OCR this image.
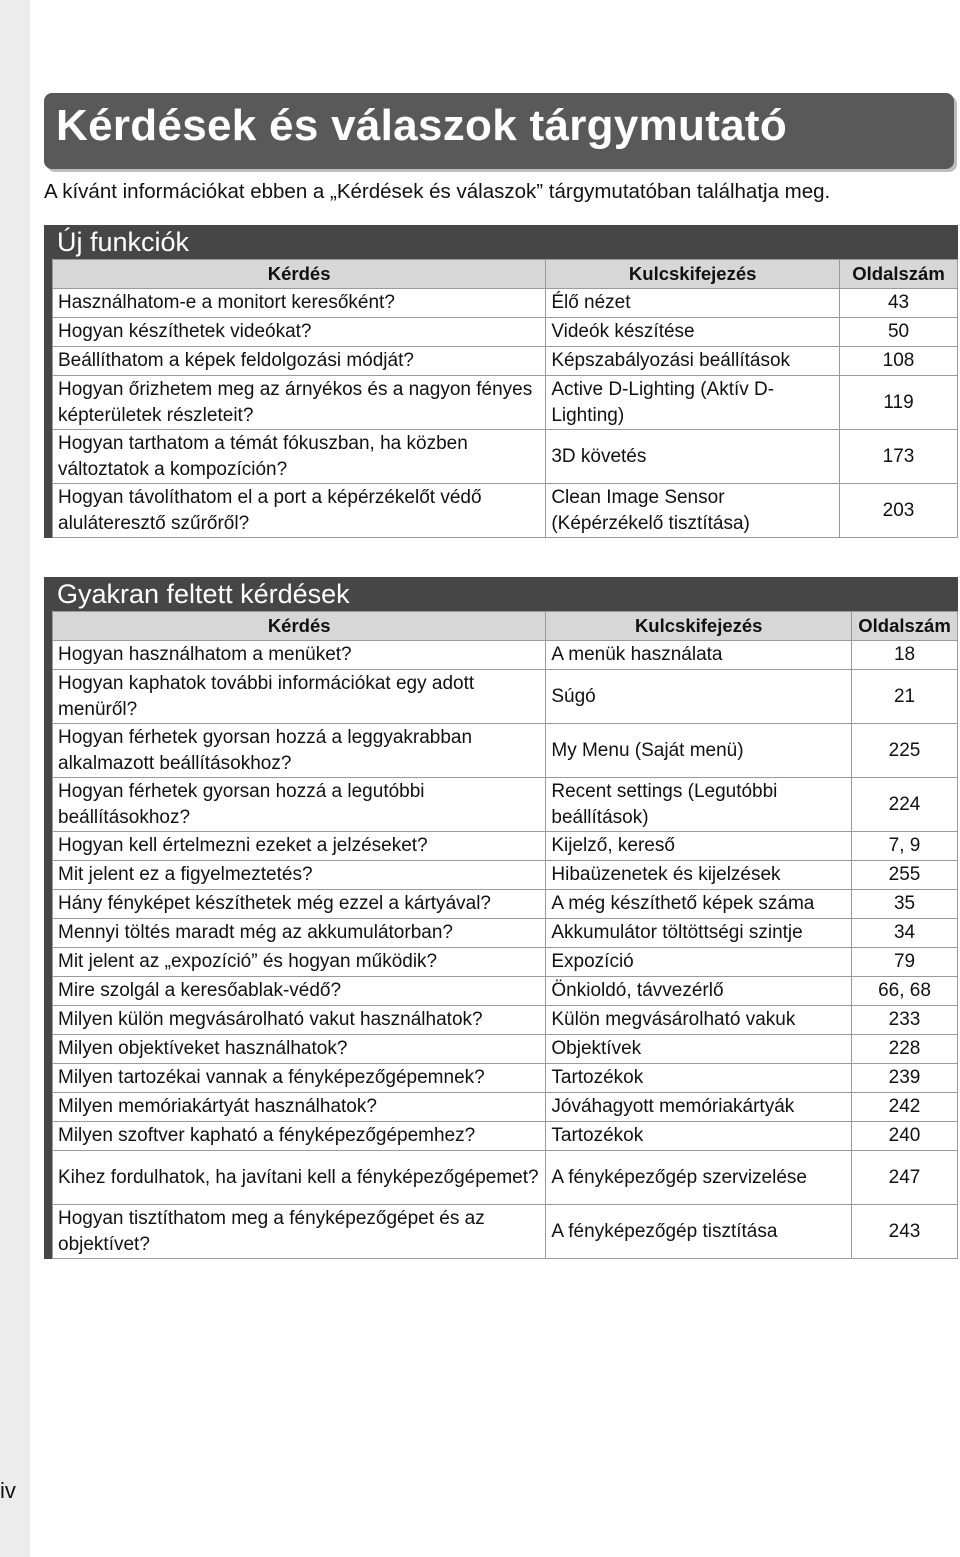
Kérdések és válaszok tárgymutató
A kívánt információkat ebben a „Kérdések és válaszok” tárgymutatóban találhatja meg.
Új funkciók
Kérdés	Kulcskifejezés	Oldalszám
Használhatom-e a monitort keresőként?	Élő nézet	43
Hogyan készíthetek videókat?	Videók készítése	50
Beállíthatom a képek feldolgozási módját?	Képszabályozási beállítások	108
Hogyan őrizhetem meg az árnyékos és a nagyon fényes képterületek részleteit?	Active D-Lighting (Aktív D-Lighting)	119
Hogyan tarthatom a témát fókuszban, ha közben változtatok a kompozíción?	3D követés	173
Hogyan távolíthatom el a port a képérzékelőt védő aluláteresztő szűrőről?	Clean Image Sensor (Képérzékelő tisztítása)	203
Gyakran feltett kérdések
Kérdés	Kulcskifejezés	Oldalszám
Hogyan használhatom a menüket?	A menük használata	18
Hogyan kaphatok további információkat egy adott menüről?	Súgó	21
Hogyan férhetek gyorsan hozzá a leggyakrabban alkalmazott beállításokhoz?	My Menu (Saját menü)	225
Hogyan férhetek gyorsan hozzá a legutóbbi beállításokhoz?	Recent settings (Legutóbbi beállítások)	224
Hogyan kell értelmezni ezeket a jelzéseket?	Kijelző, kereső	7, 9
Mit jelent ez a figyelmeztetés?	Hibaüzenetek és kijelzések	255
Hány fényképet készíthetek még ezzel a kártyával?	A még készíthető képek száma	35
Mennyi töltés maradt még az akkumulátorban?	Akkumulátor töltöttségi szintje	34
Mit jelent az „expozíció” és hogyan működik?	Expozíció	79
Mire szolgál a keresőablak-védő?	Önkioldó, távvezérlő	66, 68
Milyen külön megvásárolható vakut használhatok?	Külön megvásárolható vakuk	233
Milyen objektíveket használhatok?	Objektívek	228
Milyen tartozékai vannak a fényképezőgépemnek?	Tartozékok	239
Milyen memóriakártyát használhatok?	Jóváhagyott memóriakártyák	242
Milyen szoftver kapható a fényképezőgépemhez?	Tartozékok	240
Kihez fordulhatok, ha javítani kell a fényképezőgépemet?	A fényképezőgép szervizelése	247
Hogyan tisztíthatom meg a fényképezőgépet és az objektívet?	A fényképezőgép tisztítása	243
iv
